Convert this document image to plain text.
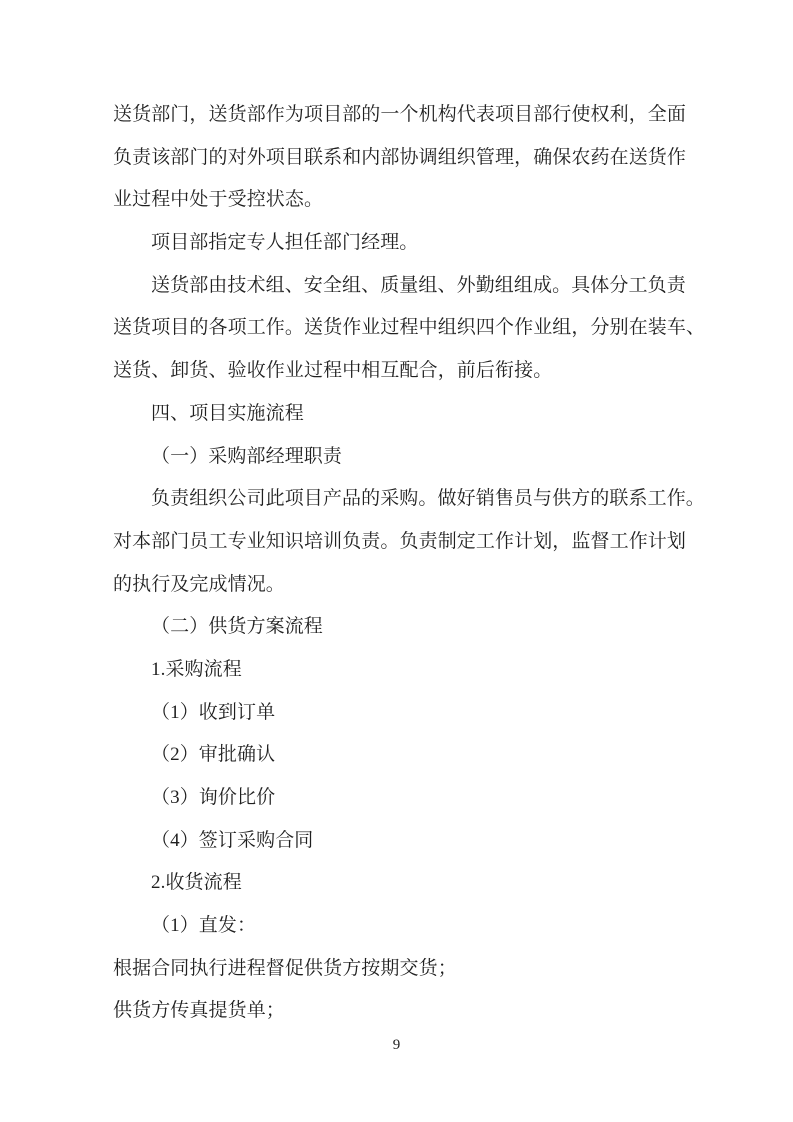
送货部门，送货部作为项目部的一个机构代表项目部行使权利，全面
负责该部门的对外项目联系和内部协调组织管理，确保农药在送货作
业过程中处于受控状态。
项目部指定专人担任部门经理。
送货部由技术组、安全组、质量组、外勤组组成。具体分工负责
送货项目的各项工作。送货作业过程中组织四个作业组，分别在装车、
送货、卸货、验收作业过程中相互配合，前后衔接。
四、项目实施流程
（一）采购部经理职责
负责组织公司此项目产品的采购。做好销售员与供方的联系工作。
对本部门员工专业知识培训负责。负责制定工作计划，监督工作计划
的执行及完成情况。
（二）供货方案流程
1.采购流程
（1）收到订单
（2）审批确认
（3）询价比价
（4）签订采购合同
2.收货流程
（1）直发：
根据合同执行进程督促供货方按期交货；
供货方传真提货单；
9
